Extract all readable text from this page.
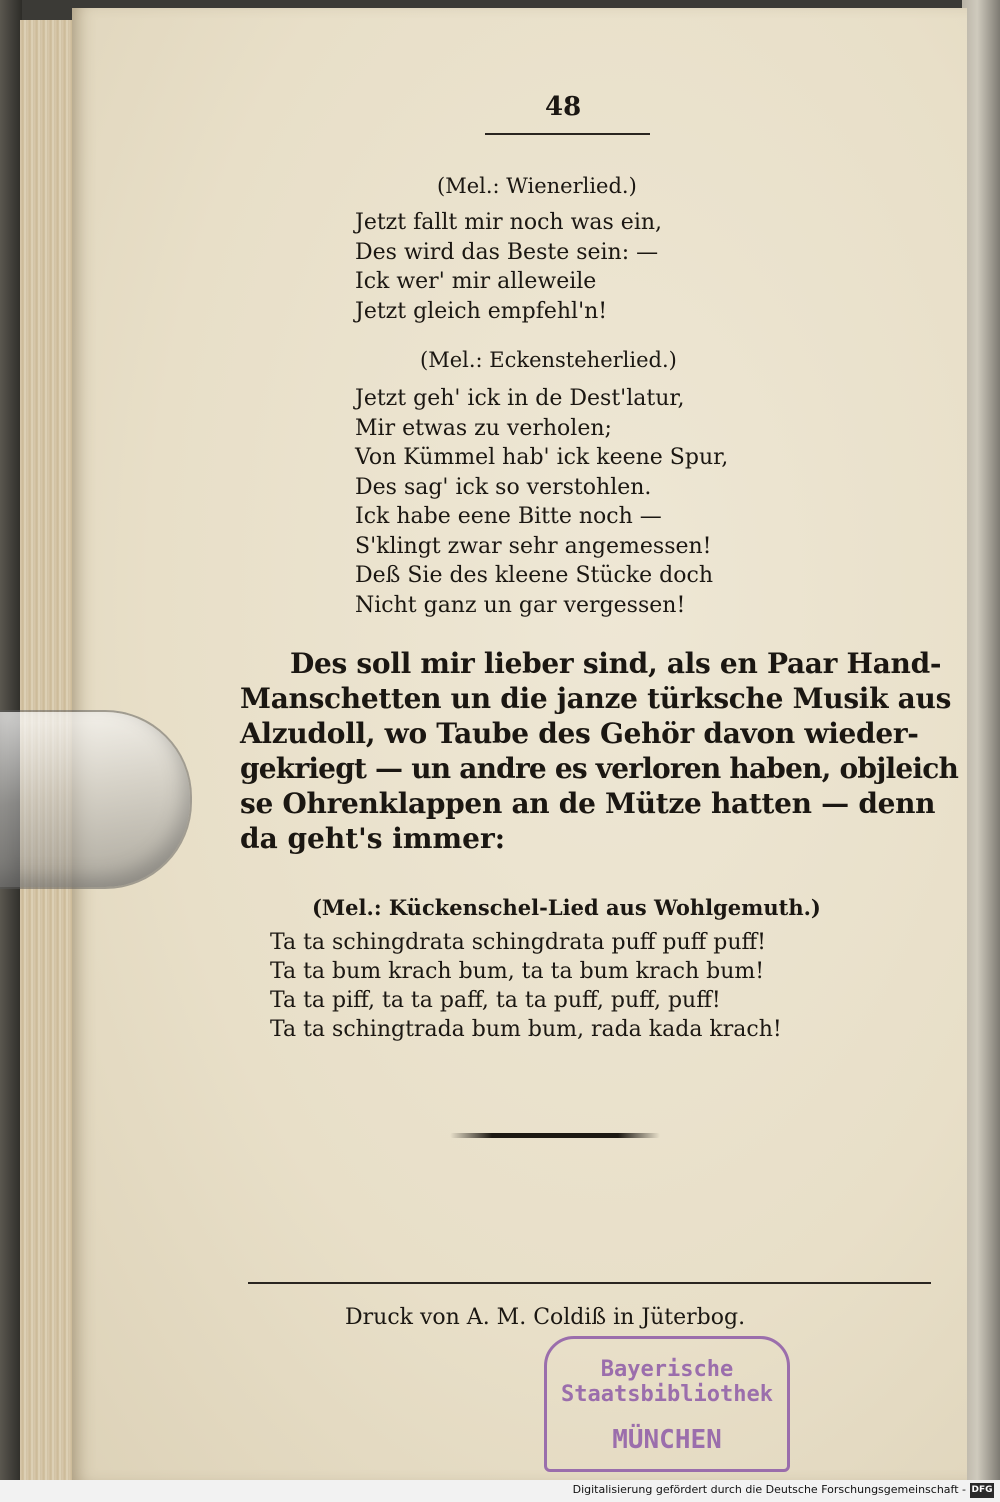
48
(Mel.: Wienerlied.)
Jetzt fallt mir noch was ein,
Des wird das Beste sein: —
Ick wer' mir alleweile
Jetzt gleich empfehl'n!
(Mel.: Eckensteherlied.)
Jetzt geh' ick in de Dest'latur,
Mir etwas zu verholen;
Von Kümmel hab' ick keene Spur,
Des sag' ick so verstohlen.
Ick habe eene Bitte noch —
S'klingt zwar sehr angemessen!
Deß Sie des kleene Stücke doch
Nicht ganz un gar vergessen!
Des soll mir lieber sind, als en Paar Hand-
Manschetten un die janze türksche Musik aus
Alzudoll, wo Taube des Gehör davon wieder-
gekriegt — un andre es verloren haben, objleich
se Ohrenklappen an de Mütze hatten — denn
da geht's immer:
(Mel.: Kückenschel-Lied aus Wohlgemuth.)
Ta ta schingdrata schingdrata puff puff puff!
Ta ta bum krach bum, ta ta bum krach bum!
Ta ta piff, ta ta paff, ta ta puff, puff, puff!
Ta ta schingtrada bum bum, rada kada krach!
Druck von A. M. Coldiß in Jüterbog.
Bayerische
Staatsbibliothek
MÜNCHEN
Digitalisierung gefördert durch die Deutsche Forschungsgemeinschaft - DFG
